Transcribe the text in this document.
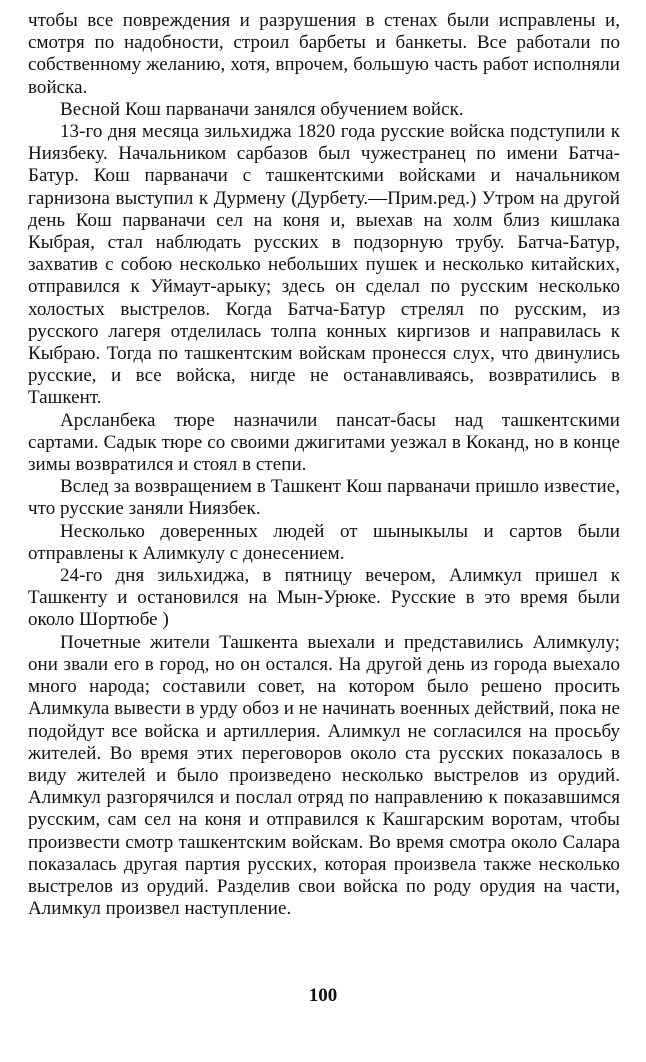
чтобы все повреждения и разрушения в стенах были исправлены и, смотря по надобности, строил барбеты и банкеты. Все работали по собственному желанию, хотя, впрочем, большую часть работ исполняли войска.

Весной Кош парваначи занялся обучением войск.

13-го дня месяца зильхиджа 1820 года русские войска подступили к Ниязбеку. Начальником сарбазов был чужестранец по имени Батча-Батур. Кош парваначи с ташкентскими войсками и начальником гарнизона выступил к Дурмену (Дурбету.—Прим.ред.) Утром на другой день Кош парваначи сел на коня и, выехав на холм близ кишлака Кыбрая, стал наблюдать русских в подзорную трубу. Батча-Батур, захватив с собою несколько небольших пушек и несколько китайских, отправился к Уймаут-арыку; здесь он сделал по русским несколько холостых выстрелов. Когда Батча-Батур стрелял по русским, из русского лагеря отделилась толпа конных киргизов и направилась к Кыбраю. Тогда по ташкентским войскам пронесся слух, что двинулись русские, и все войска, нигде не останавливаясь, возвратились в Ташкент.

Арсланбека тюре назначили пансат-басы над ташкентскими сартами. Садык тюре со своими джигитами уезжал в Коканд, но в конце зимы возвратился и стоял в степи.

Вслед за возвращением в Ташкент Кош парваначи пришло известие, что русские заняли Ниязбек.

Несколько доверенных людей от шыныкылы и сартов были отправлены к Алимкулу с донесением.

24-го дня зильхиджа, в пятницу вечером, Алимкул пришел к Ташкенту и остановился на Мын-Урюке. Русские в это время были около Шортюбе )

Почетные жители Ташкента выехали и представились Алимкулу; они звали его в город, но он остался. На другой день из города выехало много народа; составили совет, на котором было решено просить Алимкула вывести в урду обоз и не начинать военных действий, пока не подойдут все войска и артиллерия. Алимкул не согласился на просьбу жителей. Во время этих переговоров около ста русских показалось в виду жителей и было произведено несколько выстрелов из орудий. Алимкул разгорячился и послал отряд по направлению к показавшимся русским, сам сел на коня и отправился к Кашгарским воротам, чтобы произвести смотр ташкентским войскам. Во время смотра около Салара показалась другая партия русских, которая произвела также несколько выстрелов из орудий. Разделив свои войска по роду орудия на части, Алимкул произвел наступление.

100
